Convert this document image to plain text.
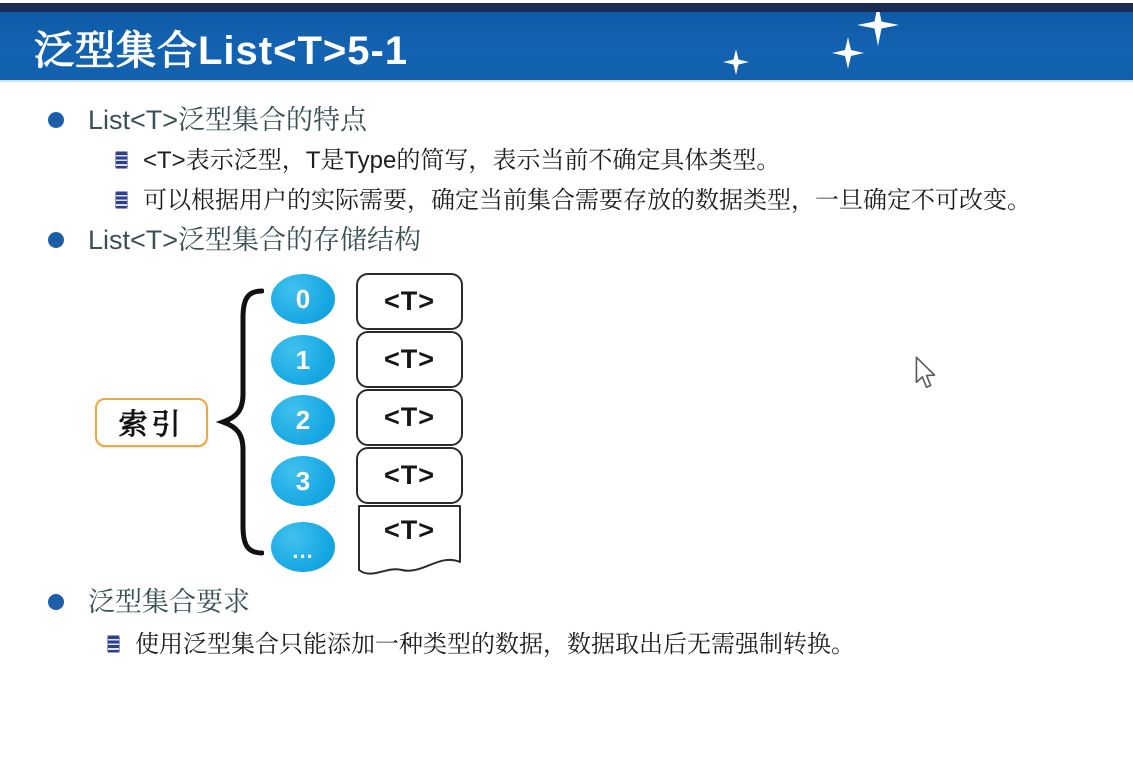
泛型集合List<T>5-1
List<T>泛型集合的特点
<T>表示泛型，T是Type的简写，表示当前不确定具体类型。
可以根据用户的实际需要，确定当前集合需要存放的数据类型，一旦确定不可改变。
List<T>泛型集合的存储结构
索引
0
1
2
3
...
<T>
<T>
<T>
<T>
<T>
泛型集合要求
使用泛型集合只能添加一种类型的数据，数据取出后无需强制转换。
